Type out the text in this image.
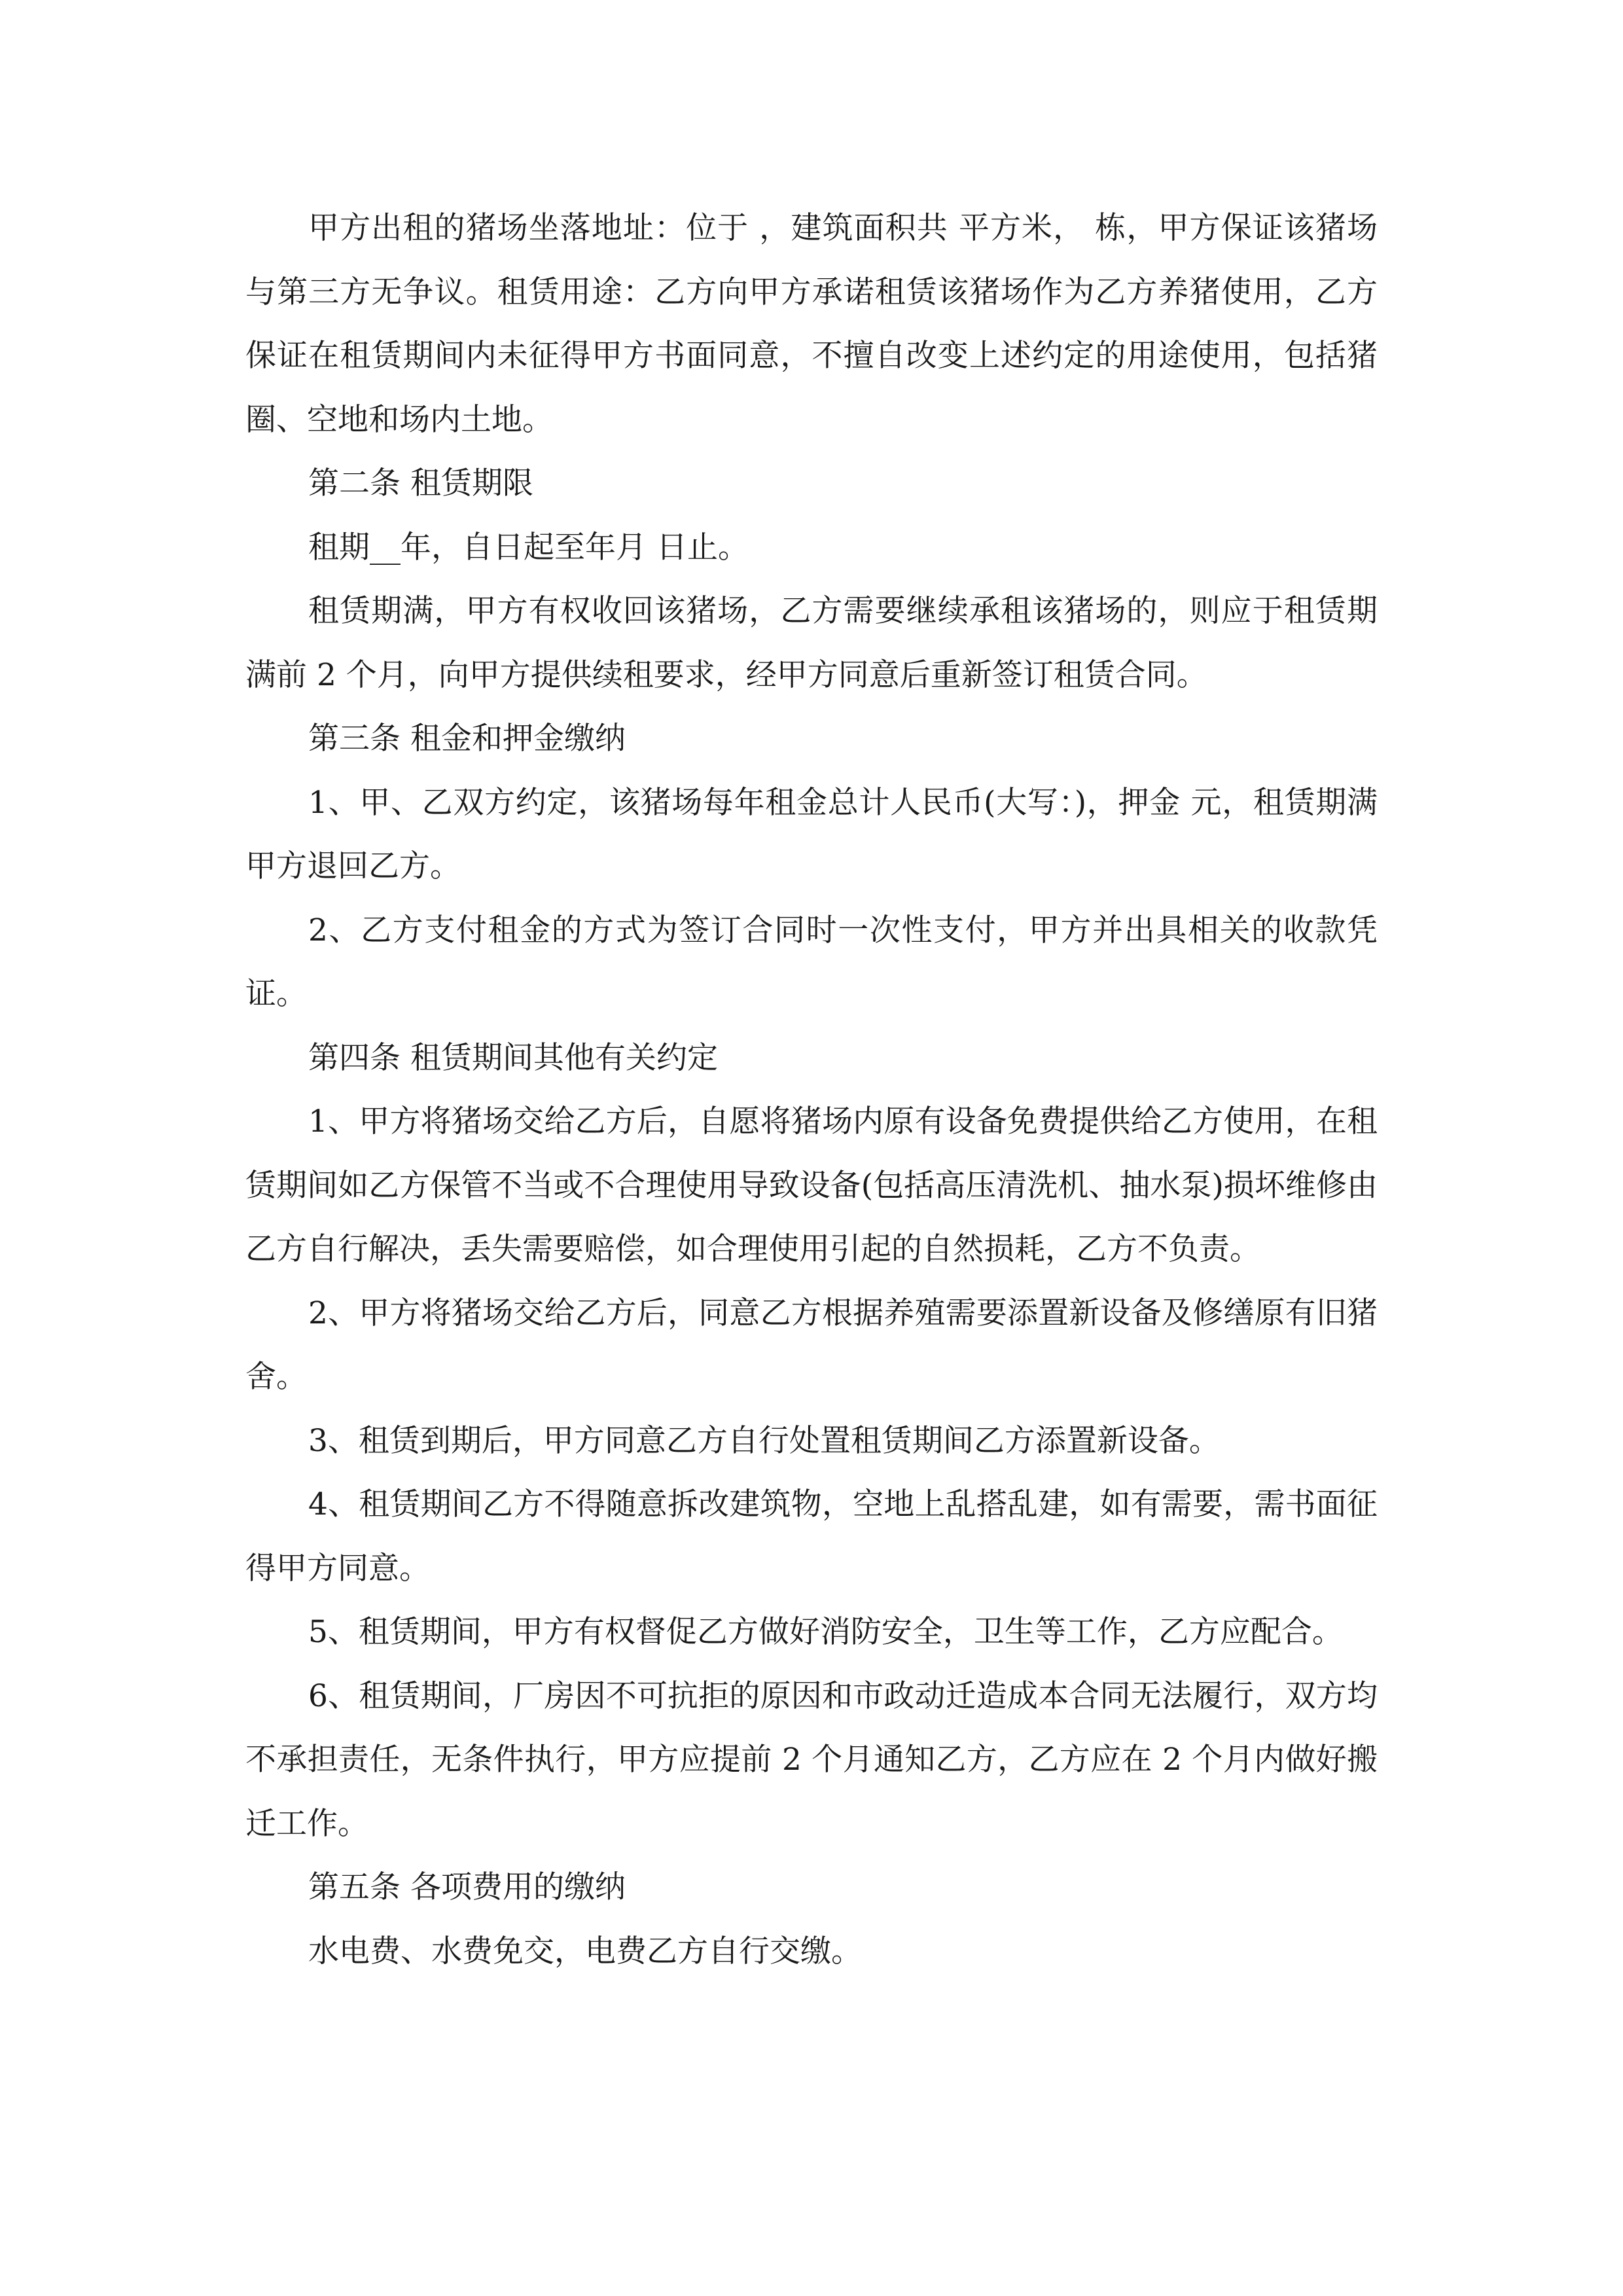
甲方出租的猪场坐落地址：位于 ，建筑面积共 平方米， 栋，甲方保证该猪场与第三方无争议。租赁用途：乙方向甲方承诺租赁该猪场作为乙方养猪使用，乙方保证在租赁期间内未征得甲方书面同意，不擅自改变上述约定的用途使用，包括猪圈、空地和场内土地。

第二条 租赁期限

租期__年，自日起至年月 日止。

租赁期满，甲方有权收回该猪场，乙方需要继续承租该猪场的，则应于租赁期满前 2 个月，向甲方提供续租要求，经甲方同意后重新签订租赁合同。

第三条 租金和押金缴纳

1、甲、乙双方约定，该猪场每年租金总计人民币(大写：)，押金 元，租赁期满甲方退回乙方。

2、乙方支付租金的方式为签订合同时一次性支付，甲方并出具相关的收款凭证。

第四条 租赁期间其他有关约定

1、甲方将猪场交给乙方后，自愿将猪场内原有设备免费提供给乙方使用，在租赁期间如乙方保管不当或不合理使用导致设备(包括高压清洗机、抽水泵)损坏维修由乙方自行解决，丢失需要赔偿，如合理使用引起的自然损耗，乙方不负责。

2、甲方将猪场交给乙方后，同意乙方根据养殖需要添置新设备及修缮原有旧猪舍。

3、租赁到期后，甲方同意乙方自行处置租赁期间乙方添置新设备。

4、租赁期间乙方不得随意拆改建筑物，空地上乱搭乱建，如有需要，需书面征得甲方同意。

5、租赁期间，甲方有权督促乙方做好消防安全，卫生等工作，乙方应配合。

6、租赁期间，厂房因不可抗拒的原因和市政动迁造成本合同无法履行，双方均不承担责任，无条件执行，甲方应提前 2 个月通知乙方，乙方应在 2 个月内做好搬迁工作。

第五条 各项费用的缴纳

水电费、水费免交，电费乙方自行交缴。
